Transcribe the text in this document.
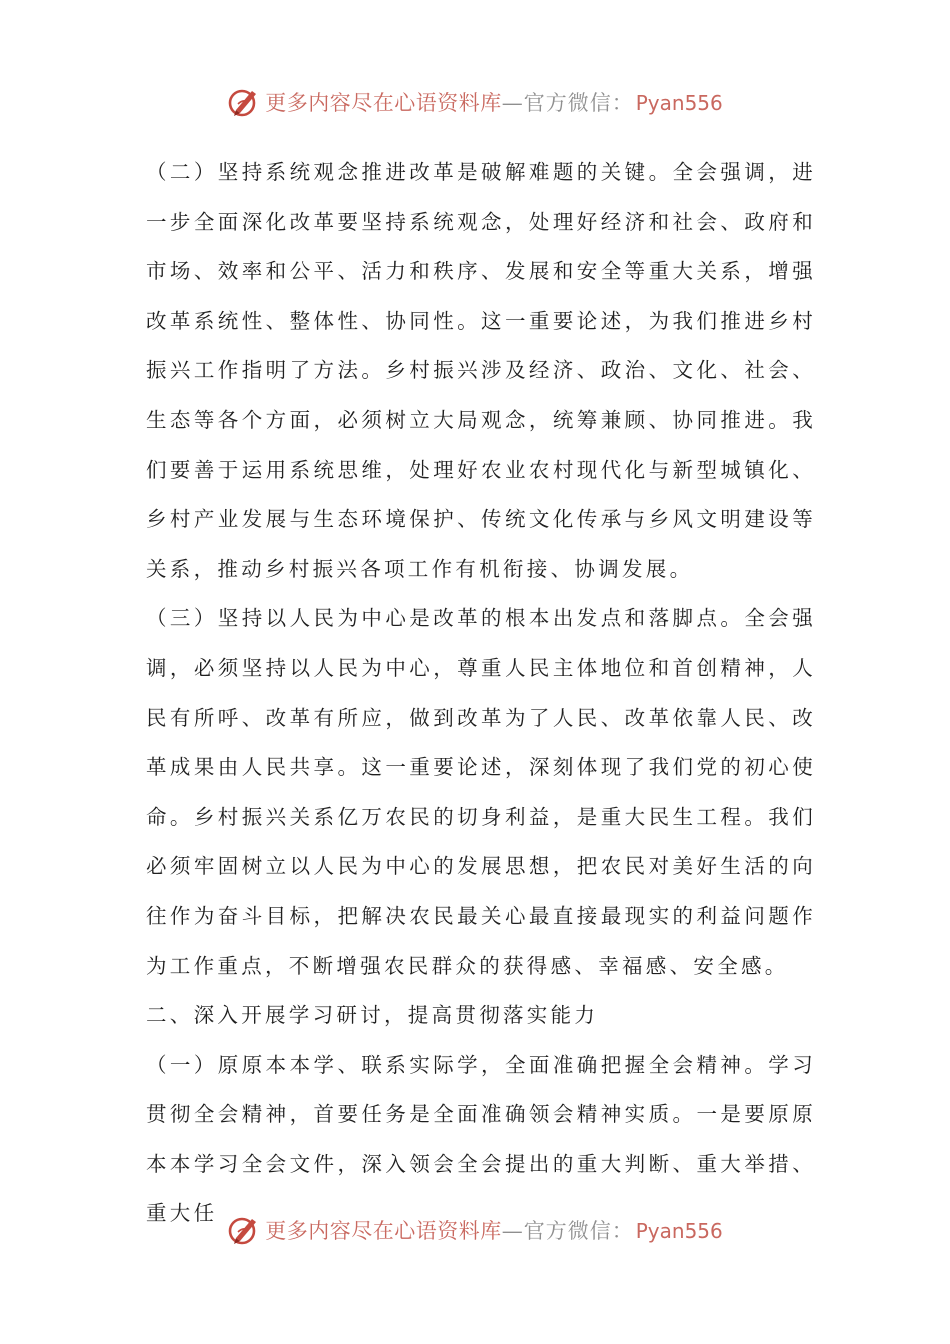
更多内容尽在心语资料库 — 官方微信： Pyan556

（二）坚持系统观念推进改革是破解难题的关键。全会强调，进一步全面深化改革要坚持系统观念，处理好经济和社会、政府和市场、效率和公平、活力和秩序、发展和安全等重大关系，增强改革系统性、整体性、协同性。这一重要论述，为我们推进乡村振兴工作指明了方法。乡村振兴涉及经济、政治、文化、社会、生态等各个方面，必须树立大局观念，统筹兼顾、协同推进。我们要善于运用系统思维，处理好农业农村现代化与新型城镇化、乡村产业发展与生态环境保护、传统文化传承与乡风文明建设等关系，推动乡村振兴各项工作有机衔接、协调发展。

（三）坚持以人民为中心是改革的根本出发点和落脚点。全会强调，必须坚持以人民为中心，尊重人民主体地位和首创精神，人民有所呼、改革有所应，做到改革为了人民、改革依靠人民、改革成果由人民共享。这一重要论述，深刻体现了我们党的初心使命。乡村振兴关系亿万农民的切身利益，是重大民生工程。我们必须牢固树立以人民为中心的发展思想，把农民对美好生活的向往作为奋斗目标，把解决农民最关心最直接最现实的利益问题作为工作重点，不断增强农民群众的获得感、幸福感、安全感。

二、深入开展学习研讨，提高贯彻落实能力

（一）原原本本学、联系实际学，全面准确把握全会精神。学习贯彻全会精神，首要任务是全面准确领会精神实质。一是要原原本本学习全会文件，深入领会全会提出的重大判断、重大举措、重大任

更多内容尽在心语资料库 — 官方微信： Pyan556
